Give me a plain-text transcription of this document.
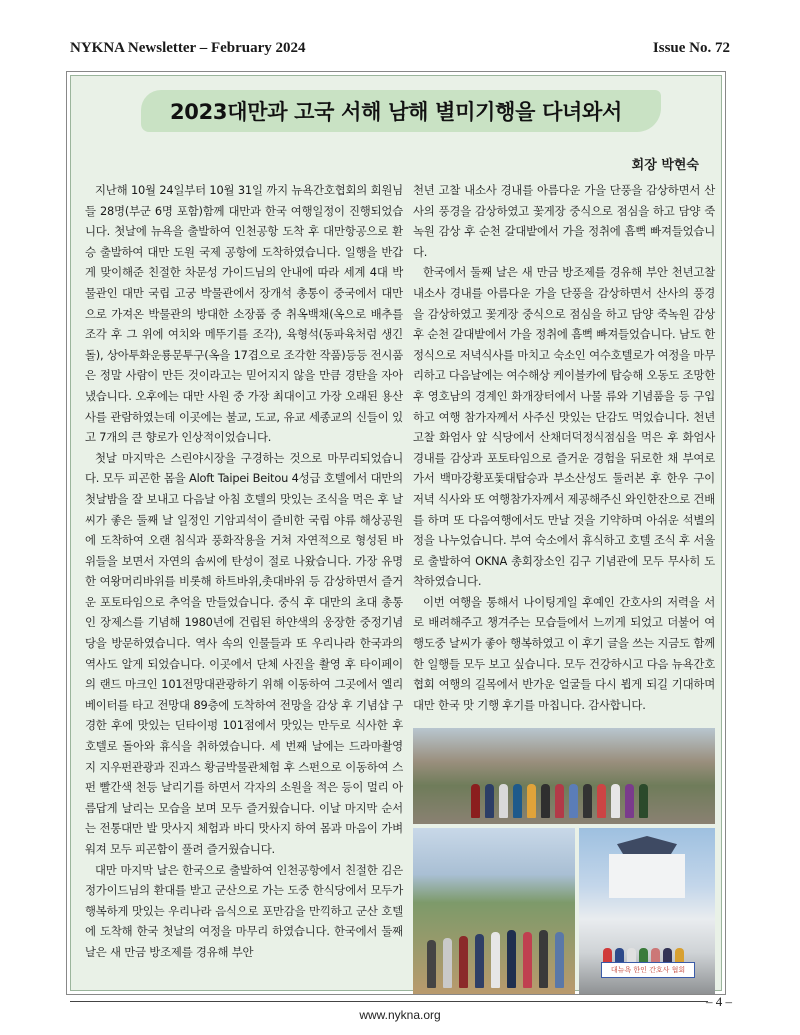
NYKNA Newsletter – February 2024	Issue No. 72
2023대만과 고국 서해 남해 별미기행을 다녀와서
회장 박현숙

지난해 10월 24일부터 10월 31일 까지 뉴욕간호협회의 회원님들 28명(부군 6명 포함)함께 대만과 한국 여행일정이 진행되었습니다. 첫날에 뉴욕을 출발하여 인천공항 도착 후 대만항공으로 환승 출발하여 대만 도원 국제 공항에 도착하였습니다. 일행을 반갑게 맞이해준 친절한 차문성 가이드님의 안내에 따라 세계 4대 박물관인 대만 국립 고궁 박물관에서 장개석 총통이 중국에서 대만으로 가져온 박물관의 방대한 소장품 중 취옥백채(옥으로 배추를 조각 후 그 위에 여치와 메뚜기를 조각), 육형석(동파육처럼 생긴 돌), 상아투화운룡문투구(옥을 17겹으로 조각한 작품)등등 전시품은 정말 사람이 만든 것이라고는 믿어지지 않을 만큼 경탄을 자아냈습니다. 오후에는 대만 사원 중 가장 최대이고 가장 오래된 용산사를 관람하였는데 이곳에는 불교, 도교, 유교 세종교의 신들이 있고 7개의 큰 향로가 인상적이었습니다.

첫날 마지막은 스린야시장을 구경하는 것으로 마무리되었습니다. 모두 피곤한 몸을 Aloft Taipei Beitou 4성급 호텔에서 대만의 첫날밤을 잘 보내고 다음날 아침 호텔의 맛있는 조식을 먹은 후 날씨가 좋은 둘째 날 일정인 기암괴석이 즐비한 국립 야류 해상공원에 도착하여 오랜 침식과 풍화작용을 거쳐 자연적으로 형성된 바위들을 보면서 자연의 솜씨에 탄성이 절로 나왔습니다. 가장 유명한 여왕머리바위를 비롯해 하트바위,촛대바위 등 감상하면서 즐거운 포토타임으로 추억을 만들었습니다. 중식 후 대만의 초대 총통인 장제스를 기념해 1980년에 건립된 하얀색의 웅장한 중정기념당을 방문하였습니다. 역사 속의 인물들과 또 우리나라 한국과의 역사도 알게 되었습니다. 이곳에서 단체 사진을 촬영 후 타이페이의 랜드 마크인 101전망대관광하기 위해 이동하여 그곳에서 엘리베이터를 타고 전망대 89층에 도착하여 전망을 감상 후 기념샵 구경한 후에 맛있는 딘타이펑 101점에서 맛있는 만두로 식사한 후 호텔로 돌아와 휴식을 취하였습니다. 세 번째 날에는 드라마촬영지 지우펀관광과 진과스 황금박물관체험 후 스펀으로 이동하여 스펀 빨간색 천등 날리기를 하면서 각자의 소원을 적은 등이 멀리 아름답게 날리는 모습을 보며 모두 즐거웠습니다. 이날 마지막 순서는 전통대만 발 맛사지 체험과 바디 맛사지 하여 몸과 마음이 가벼워져 모두 피곤함이 풀려 즐거웠습니다.

대만 마지막 날은 한국으로 출발하여 인천공항에서 친절한 김은정가이드님의 환대를 받고 군산으로 가는 도중 한식당에서 모두가 행복하게 맛있는 우리나라 음식으로 포만감을 만끽하고 군산 호텔에 도착해 한국 첫날의 여정을 마무리 하였습니다. 한국에서 둘째 날은 새 만금 방조제를 경유해 부안

천년 고찰 내소사 경내를 아름다운 가을 단풍을 감상하면서 산사의 풍경을 감상하였고 꽃게장 중식으로 점심을 하고 담양 죽녹원 감상 후 순천 갈대밭에서 가을 정취에 흠뻑 빠져들었습니다.

한국에서 둘째 날은 새 만금 방조제를 경유해 부안 천년고찰 내소사 경내를 아름다운 가을 단풍을 감상하면서 산사의 풍경을 감상하였고 꽃게장 중식으로 점심을 하고 담양 죽녹원 감상 후 순천 갈대밭에서 가을 정취에 흠뻑 빠져들었습니다. 남도 한정식으로 저녁식사를 마치고 숙소인 여수호텔로가 여정을 마무리하고 다음날에는 여수해상 케이블카에 탑승해 오동도 조망한 후 영호남의 경계인 화개장터에서 나물 류와 기념품을 등 구입하고 여행 참가자께서 사주신 맛있는 단감도 먹었습니다. 천년고찰 화엄사 앞 식당에서 산채더덕정식점심을 먹은 후 화엄사경내를 감상과 포토타임으로 즐거운 경험을 뒤로한 채 부여로 가서 백마강황포돛대탑승과 부소산성도 둘러본 후 한우 구이 저녁 식사와 또 여행참가자께서 제공해주신 와인한잔으로 건배를 하며 또 다음여행에서도 만날 것을 기약하며 아쉬운 석별의 정을 나누었습니다. 부여 숙소에서 휴식하고 호텔 조식 후 서울로 출발하여 OKNA 총회장소인 김구 기념관에 모두 무사히 도착하였습니다.

이번 여행을 통해서 나이팅게일 후예인 간호사의 저력을 서로 배려해주고 챙겨주는 모습들에서 느끼게 되었고 더불어 여행도중 날씨가 좋아 행복하였고 이 후기 글을 쓰는 지금도 함께한 일행들 모두 보고 싶습니다. 모두 건강하시고 다음 뉴욕간호협회 여행의 길목에서 반가운 얼굴들 다시 뵙게 되길 기대하며 대만 한국 맛 기행 후기를 마칩니다. 감사합니다.

대뉴욕 한인 간호사 협회
– 4 –
www.nykna.org
